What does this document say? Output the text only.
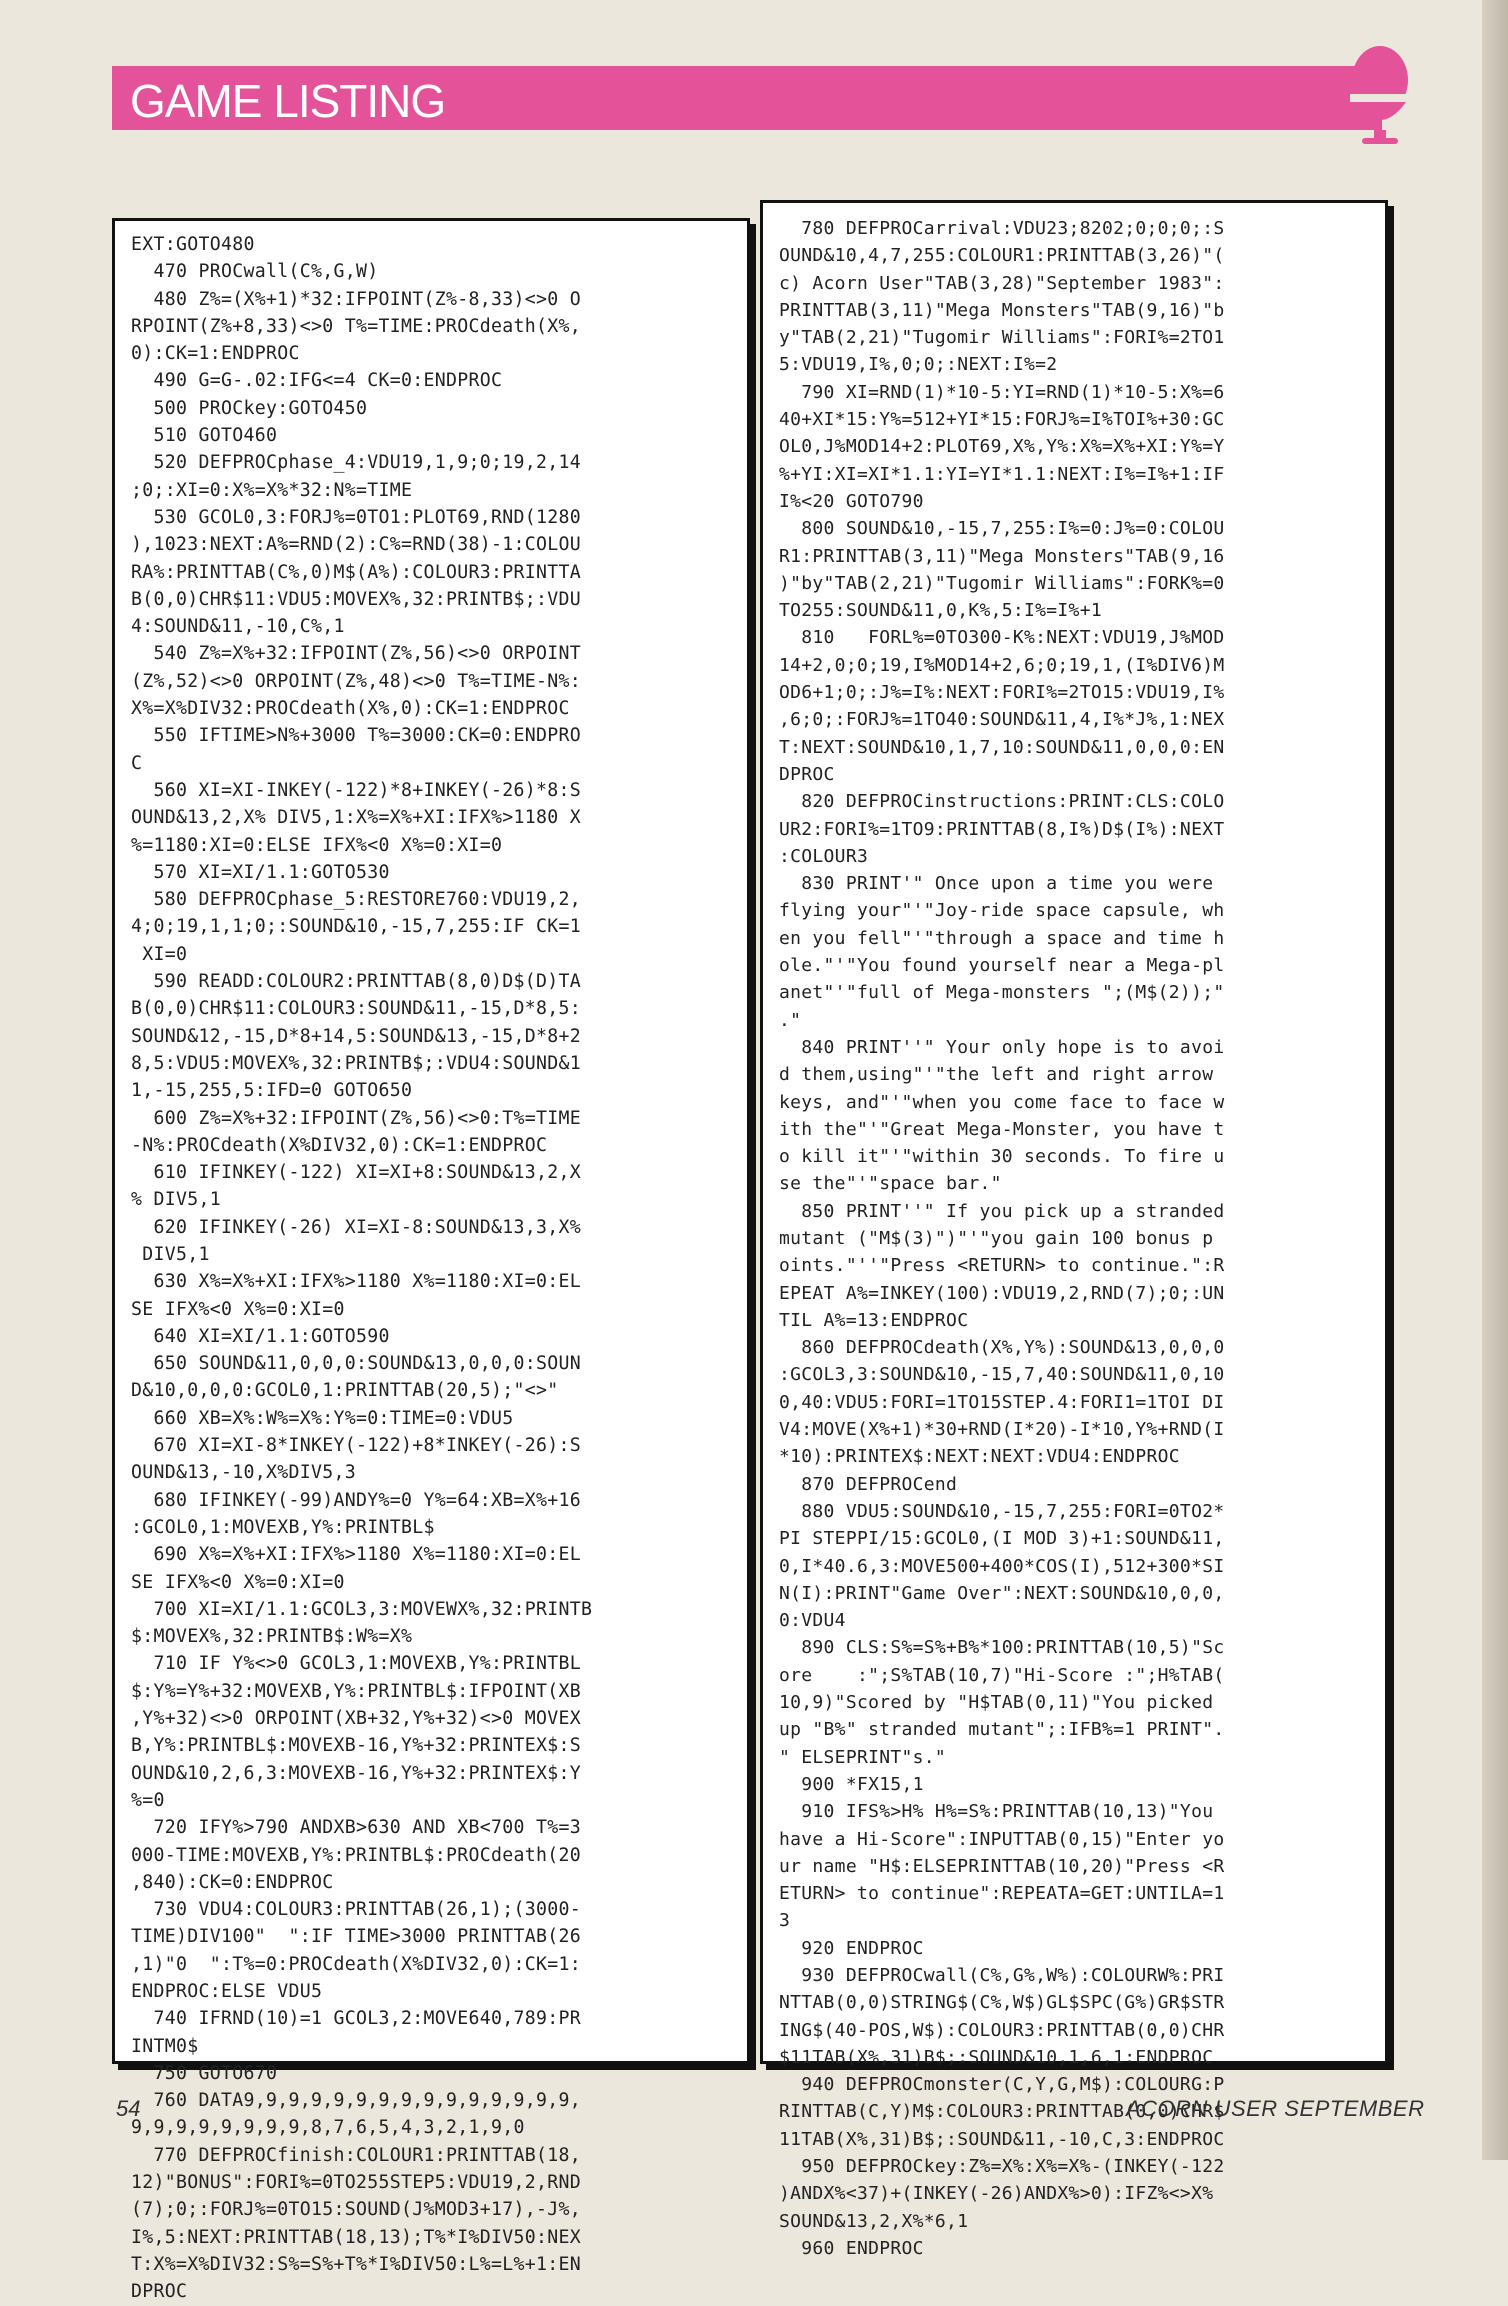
GAME LISTING
EXT:GOTO480
470 PROCwall(C%,G,W)
480 Z%=(X%+1)*32:IFPOINT(Z%-8,33)<>0 O
RPOINT(Z%+8,33)<>0 T%=TIME:PROCdeath(X%,
0):CK=1:ENDPROC
490 G=G-.02:IFG<=4 CK=0:ENDPROC
500 PROCkey:GOTO450
510 GOTO460
520 DEFPROCphase_4:VDU19,1,9;0;19,2,14
;0;:XI=0:X%=X%*32:N%=TIME
530 GCOL0,3:FORJ%=0TO1:PLOT69,RND(1280
),1023:NEXT:A%=RND(2):C%=RND(38)-1:COLOU
RA%:PRINTTAB(C%,0)M$(A%):COLOUR3:PRINTTA
B(0,0)CHR$11:VDU5:MOVEX%,32:PRINTB$;:VDU
4:SOUND&11,-10,C%,1
540 Z%=X%+32:IFPOINT(Z%,56)<>0 ORPOINT
(Z%,52)<>0 ORPOINT(Z%,48)<>0 T%=TIME-N%:
X%=X%DIV32:PROCdeath(X%,0):CK=1:ENDPROC
550 IFTIME>N%+3000 T%=3000:CK=0:ENDPRO
C
560 XI=XI-INKEY(-122)*8+INKEY(-26)*8:S
OUND&13,2,X% DIV5,1:X%=X%+XI:IFX%>1180 X
%=1180:XI=0:ELSE IFX%<0 X%=0:XI=0
570 XI=XI/1.1:GOTO530
580 DEFPROCphase_5:RESTORE760:VDU19,2,
4;0;19,1,1;0;:SOUND&10,-15,7,255:IF CK=1
XI=0
590 READD:COLOUR2:PRINTTAB(8,0)D$(D)TA
B(0,0)CHR$11:COLOUR3:SOUND&11,-15,D*8,5:
SOUND&12,-15,D*8+14,5:SOUND&13,-15,D*8+2
8,5:VDU5:MOVEX%,32:PRINTB$;:VDU4:SOUND&1
1,-15,255,5:IFD=0 GOTO650
600 Z%=X%+32:IFPOINT(Z%,56)<>0:T%=TIME
-N%:PROCdeath(X%DIV32,0):CK=1:ENDPROC
610 IFINKEY(-122) XI=XI+8:SOUND&13,2,X
% DIV5,1
620 IFINKEY(-26) XI=XI-8:SOUND&13,3,X%
DIV5,1
630 X%=X%+XI:IFX%>1180 X%=1180:XI=0:EL
SE IFX%<0 X%=0:XI=0
640 XI=XI/1.1:GOTO590
650 SOUND&11,0,0,0:SOUND&13,0,0,0:SOUN
D&10,0,0,0:GCOL0,1:PRINTTAB(20,5);"<>"
660 XB=X%:W%=X%:Y%=0:TIME=0:VDU5
670 XI=XI-8*INKEY(-122)+8*INKEY(-26):S
OUND&13,-10,X%DIV5,3
680 IFINKEY(-99)ANDY%=0 Y%=64:XB=X%+16
:GCOL0,1:MOVEXB,Y%:PRINTBL$
690 X%=X%+XI:IFX%>1180 X%=1180:XI=0:EL
SE IFX%<0 X%=0:XI=0
700 XI=XI/1.1:GCOL3,3:MOVEWX%,32:PRINTB
$:MOVEX%,32:PRINTB$:W%=X%
710 IF Y%<>0 GCOL3,1:MOVEXB,Y%:PRINTBL
$:Y%=Y%+32:MOVEXB,Y%:PRINTBL$:IFPOINT(XB
,Y%+32)<>0 ORPOINT(XB+32,Y%+32)<>0 MOVEX
B,Y%:PRINTBL$:MOVEXB-16,Y%+32:PRINTEX$:S
OUND&10,2,6,3:MOVEXB-16,Y%+32:PRINTEX$:Y
%=0
720 IFY%>790 ANDXB>630 AND XB<700 T%=3
000-TIME:MOVEXB,Y%:PRINTBL$:PROCdeath(20
,840):CK=0:ENDPROC
730 VDU4:COLOUR3:PRINTTAB(26,1);(3000-
TIME)DIV100"  ":IF TIME>3000 PRINTTAB(26
,1)"0  ":T%=0:PROCdeath(X%DIV32,0):CK=1:
ENDPROC:ELSE VDU5
740 IFRND(10)=1 GCOL3,2:MOVE640,789:PR
INTM0$
750 GOTO670
760 DATA9,9,9,9,9,9,9,9,9,9,9,9,9,9,9,
9,9,9,9,9,9,9,9,8,7,6,5,4,3,2,1,9,0
770 DEFPROCfinish:COLOUR1:PRINTTAB(18,
12)"BONUS":FORI%=0TO255STEP5:VDU19,2,RND
(7);0;:FORJ%=0TO15:SOUND(J%MOD3+17),-J%,
I%,5:NEXT:PRINTTAB(18,13);T%*I%DIV50:NEX
T:X%=X%DIV32:S%=S%+T%*I%DIV50:L%=L%+1:EN
DPROC
780 DEFPROCarrival:VDU23;8202;0;0;0;:S
OUND&10,4,7,255:COLOUR1:PRINTTAB(3,26)"(
c) Acorn User"TAB(3,28)"September 1983":
PRINTTAB(3,11)"Mega Monsters"TAB(9,16)"b
y"TAB(2,21)"Tugomir Williams":FORI%=2TO1
5:VDU19,I%,0;0;:NEXT:I%=2
790 XI=RND(1)*10-5:YI=RND(1)*10-5:X%=6
40+XI*15:Y%=512+YI*15:FORJ%=I%TOI%+30:GC
OL0,J%MOD14+2:PLOT69,X%,Y%:X%=X%+XI:Y%=Y
%+YI:XI=XI*1.1:YI=YI*1.1:NEXT:I%=I%+1:IF
I%<20 GOTO790
800 SOUND&10,-15,7,255:I%=0:J%=0:COLOU
R1:PRINTTAB(3,11)"Mega Monsters"TAB(9,16
)"by"TAB(2,21)"Tugomir Williams":FORK%=0
TO255:SOUND&11,0,K%,5:I%=I%+1
810   FORL%=0TO300-K%:NEXT:VDU19,J%MOD
14+2,0;0;19,I%MOD14+2,6;0;19,1,(I%DIV6)M
OD6+1;0;:J%=I%:NEXT:FORI%=2TO15:VDU19,I%
,6;0;:FORJ%=1TO40:SOUND&11,4,I%*J%,1:NEX
T:NEXT:SOUND&10,1,7,10:SOUND&11,0,0,0:EN
DPROC
820 DEFPROCinstructions:PRINT:CLS:COLO
UR2:FORI%=1TO9:PRINTTAB(8,I%)D$(I%):NEXT
:COLOUR3
830 PRINT'" Once upon a time you were
flying your"'"Joy-ride space capsule, wh
en you fell"'"through a space and time h
ole."'"You found yourself near a Mega-pl
anet"'"full of Mega-monsters ";(M$(2));"
."
840 PRINT''" Your only hope is to avoi
d them,using"'"the left and right arrow
keys, and"'"when you come face to face w
ith the"'"Great Mega-Monster, you have t
o kill it"'"within 30 seconds. To fire u
se the"'"space bar."
850 PRINT''" If you pick up a stranded
mutant ("M$(3)")"'"you gain 100 bonus p
oints."''"Press <RETURN> to continue.":R
EPEAT A%=INKEY(100):VDU19,2,RND(7);0;:UN
TIL A%=13:ENDPROC
860 DEFPROCdeath(X%,Y%):SOUND&13,0,0,0
:GCOL3,3:SOUND&10,-15,7,40:SOUND&11,0,10
0,40:VDU5:FORI=1TO15STEP.4:FORI1=1TOI DI
V4:MOVE(X%+1)*30+RND(I*20)-I*10,Y%+RND(I
*10):PRINTEX$:NEXT:NEXT:VDU4:ENDPROC
870 DEFPROCend
880 VDU5:SOUND&10,-15,7,255:FORI=0TO2*
PI STEPPI/15:GCOL0,(I MOD 3)+1:SOUND&11,
0,I*40.6,3:MOVE500+400*COS(I),512+300*SI
N(I):PRINT"Game Over":NEXT:SOUND&10,0,0,
0:VDU4
890 CLS:S%=S%+B%*100:PRINTTAB(10,5)"Sc
ore    :";S%TAB(10,7)"Hi-Score :";H%TAB(
10,9)"Scored by "H$TAB(0,11)"You picked
up "B%" stranded mutant";:IFB%=1 PRINT".
" ELSEPRINT"s."
900 *FX15,1
910 IFS%>H% H%=S%:PRINTTAB(10,13)"You
have a Hi-Score":INPUTTAB(0,15)"Enter yo
ur name "H$:ELSEPRINTTAB(10,20)"Press <R
ETURN> to continue":REPEATA=GET:UNTILA=1
3
920 ENDPROC
930 DEFPROCwall(C%,G%,W%):COLOURW%:PRI
NTTAB(0,0)STRING$(C%,W$)GL$SPC(G%)GR$STR
ING$(40-POS,W$):COLOUR3:PRINTTAB(0,0)CHR
$11TAB(X%,31)B$;:SOUND&10,1,6,1:ENDPROC
940 DEFPROCmonster(C,Y,G,M$):COLOURG:P
RINTTAB(C,Y)M$:COLOUR3:PRINTTAB(0,0)CHR$
11TAB(X%,31)B$;:SOUND&11,-10,C,3:ENDPROC
950 DEFPROCkey:Z%=X%:X%=X%-(INKEY(-122
)ANDX%<37)+(INKEY(-26)ANDX%>0):IFZ%<>X%
SOUND&13,2,X%*6,1
960 ENDPROC
54	ACORN USER SEPTEMBER
